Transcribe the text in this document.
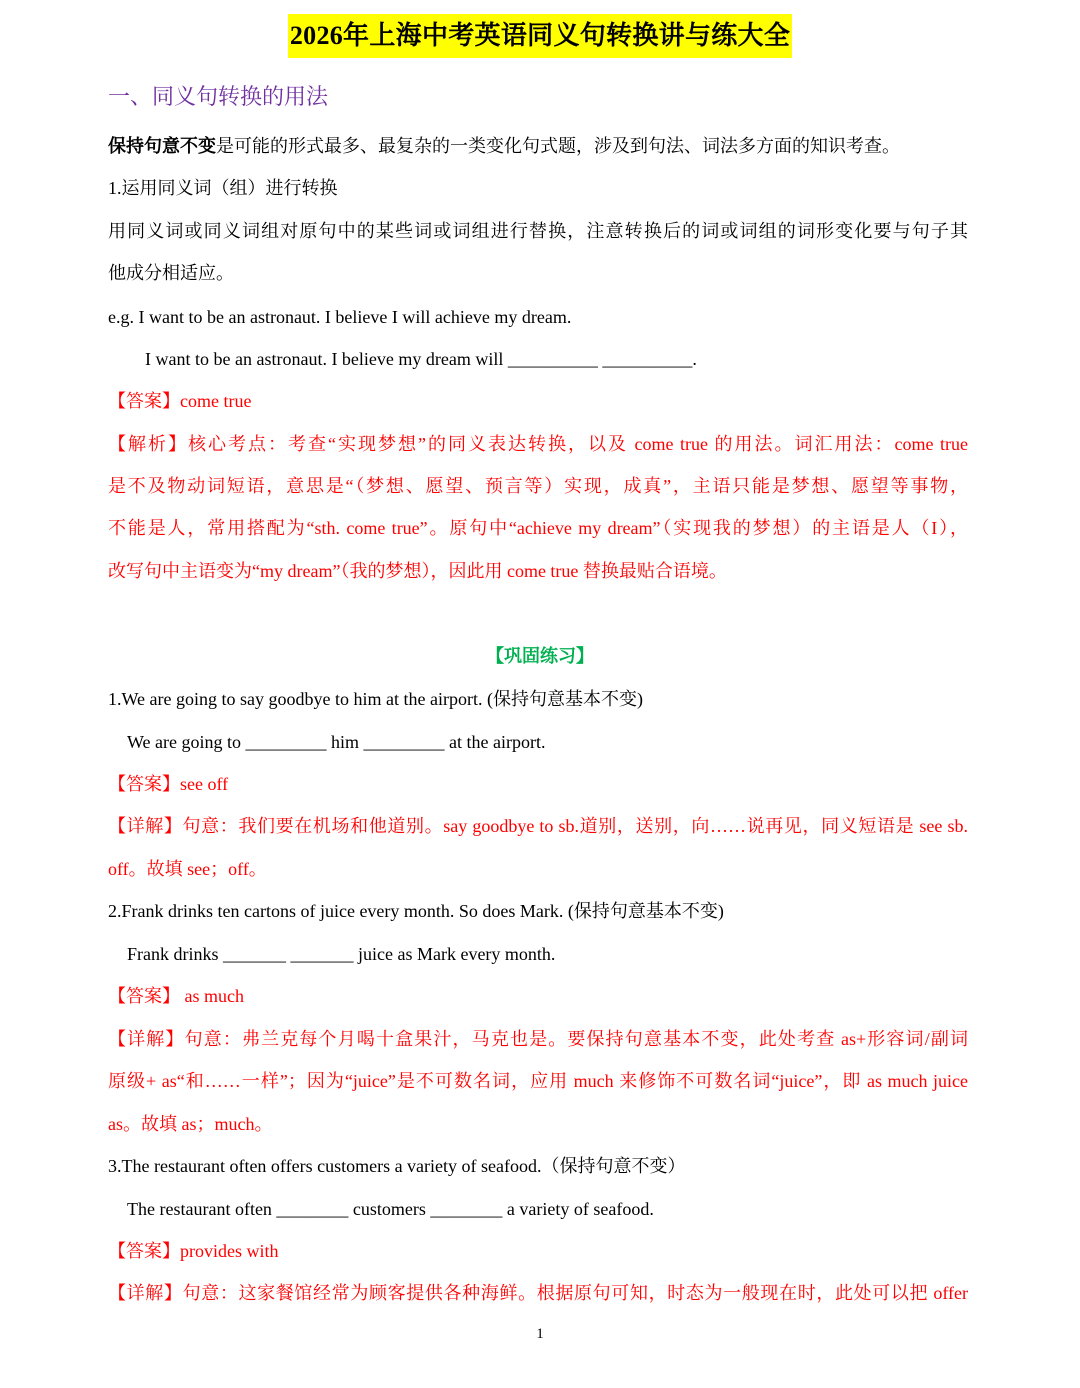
2026年上海中考英语同义句转换讲与练大全
一、同义句转换的用法
保持句意不变是可能的形式最多、最复杂的一类变化句式题，涉及到句法、词法多方面的知识考查。
1.运用同义词（组）进行转换
用同义词或同义词组对原句中的某些词或词组进行替换，注意转换后的词或词组的词形变化要与句子其
他成分相适应。
e.g. I want to be an astronaut. I believe I will achieve my dream.
I want to be an astronaut. I believe my dream will __________ __________.
【答案】come true
【解析】核心考点：考查“实现梦想”的同义表达转换，以及 come true 的用法。词汇用法：come true
是不及物动词短语，意思是“（梦想、愿望、预言等）实现，成真”，主语只能是梦想、愿望等事物，
不能是人，常用搭配为“sth. come true”。原句中“achieve my dream”（实现我的梦想）的主语是人（I），
改写句中主语变为“my dream”（我的梦想），因此用 come true 替换最贴合语境。
【巩固练习】
1.We are going to say goodbye to him at the airport. (保持句意基本不变)
We are going to _________ him _________ at the airport.
【答案】see off
【详解】句意：我们要在机场和他道别。say goodbye to sb.道别，送别，向……说再见，同义短语是 see sb.
off。故填 see；off。
2.Frank drinks ten cartons of juice every month. So does Mark. (保持句意基本不变)
Frank drinks _______ _______ juice as Mark every month.
【答案】 as much
【详解】句意：弗兰克每个月喝十盒果汁，马克也是。要保持句意基本不变，此处考查 as+形容词/副词
原级+ as“和……一样”；因为“juice”是不可数名词，应用 much 来修饰不可数名词“juice”，即 as much juice
as。故填 as；much。
3.The restaurant often offers customers a variety of seafood.（保持句意不变）
The restaurant often ________ customers ________ a variety of seafood.
【答案】provides with
【详解】句意：这家餐馆经常为顾客提供各种海鲜。根据原句可知，时态为一般现在时，此处可以把 offer
1
